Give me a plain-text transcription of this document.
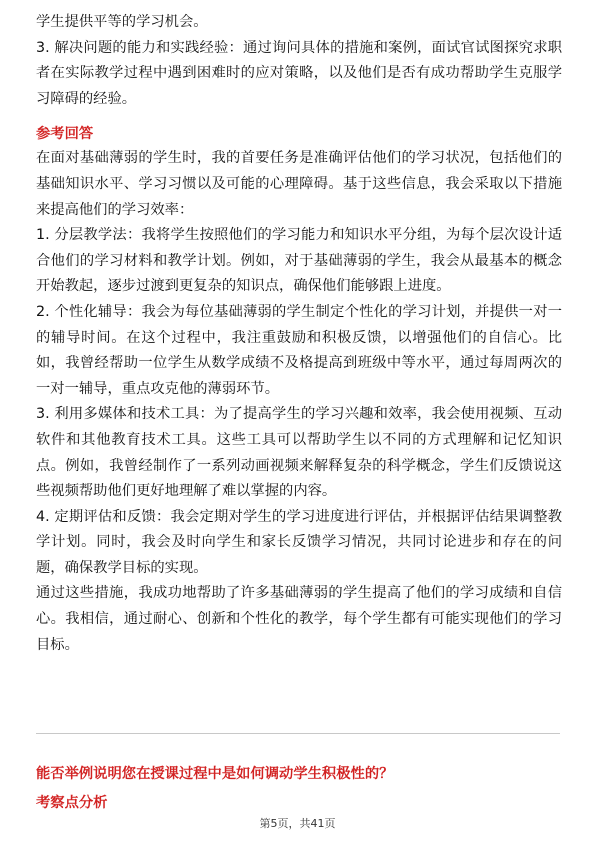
学生提供平等的学习机会。

3. 解决问题的能力和实践经验：通过询问具体的措施和案例，面试官试图探究求职者在实际教学过程中遇到困难时的应对策略，以及他们是否有成功帮助学生克服学习障碍的经验。

参考回答

在面对基础薄弱的学生时，我的首要任务是准确评估他们的学习状况，包括他们的基础知识水平、学习习惯以及可能的心理障碍。基于这些信息，我会采取以下措施来提高他们的学习效率：

1. 分层教学法：我将学生按照他们的学习能力和知识水平分组，为每个层次设计适合他们的学习材料和教学计划。例如，对于基础薄弱的学生，我会从最基本的概念开始教起，逐步过渡到更复杂的知识点，确保他们能够跟上进度。

2. 个性化辅导：我会为每位基础薄弱的学生制定个性化的学习计划，并提供一对一的辅导时间。在这个过程中，我注重鼓励和积极反馈，以增强他们的自信心。比如，我曾经帮助一位学生从数学成绩不及格提高到班级中等水平，通过每周两次的一对一辅导，重点攻克他的薄弱环节。

3. 利用多媒体和技术工具：为了提高学生的学习兴趣和效率，我会使用视频、互动软件和其他教育技术工具。这些工具可以帮助学生以不同的方式理解和记忆知识点。例如，我曾经制作了一系列动画视频来解释复杂的科学概念，学生们反馈说这些视频帮助他们更好地理解了难以掌握的内容。

4. 定期评估和反馈：我会定期对学生的学习进度进行评估，并根据评估结果调整教学计划。同时，我会及时向学生和家长反馈学习情况，共同讨论进步和存在的问题，确保教学目标的实现。

通过这些措施，我成功地帮助了许多基础薄弱的学生提高了他们的学习成绩和自信心。我相信，通过耐心、创新和个性化的教学，每个学生都有可能实现他们的学习目标。

能否举例说明您在授课过程中是如何调动学生积极性的？

考察点分析

第5页，共41页
